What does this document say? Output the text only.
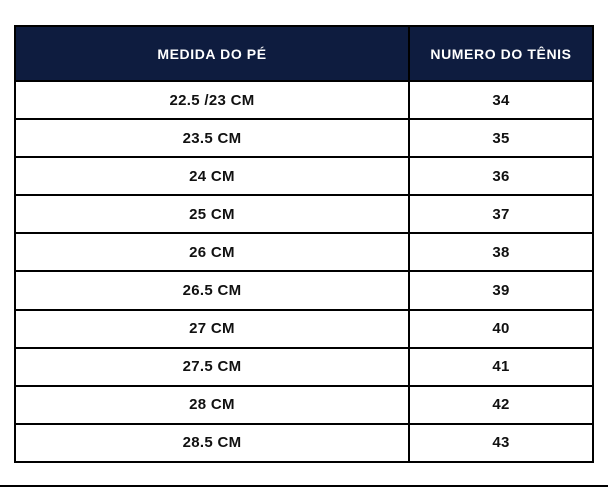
MEDIDA DO PÉ	NUMERO DO TÊNIS
22.5 /23 CM	34
23.5 CM	35
24 CM	36
25 CM	37
26 CM	38
26.5 CM	39
27 CM	40
27.5 CM	41
28 CM	42
28.5 CM	43
